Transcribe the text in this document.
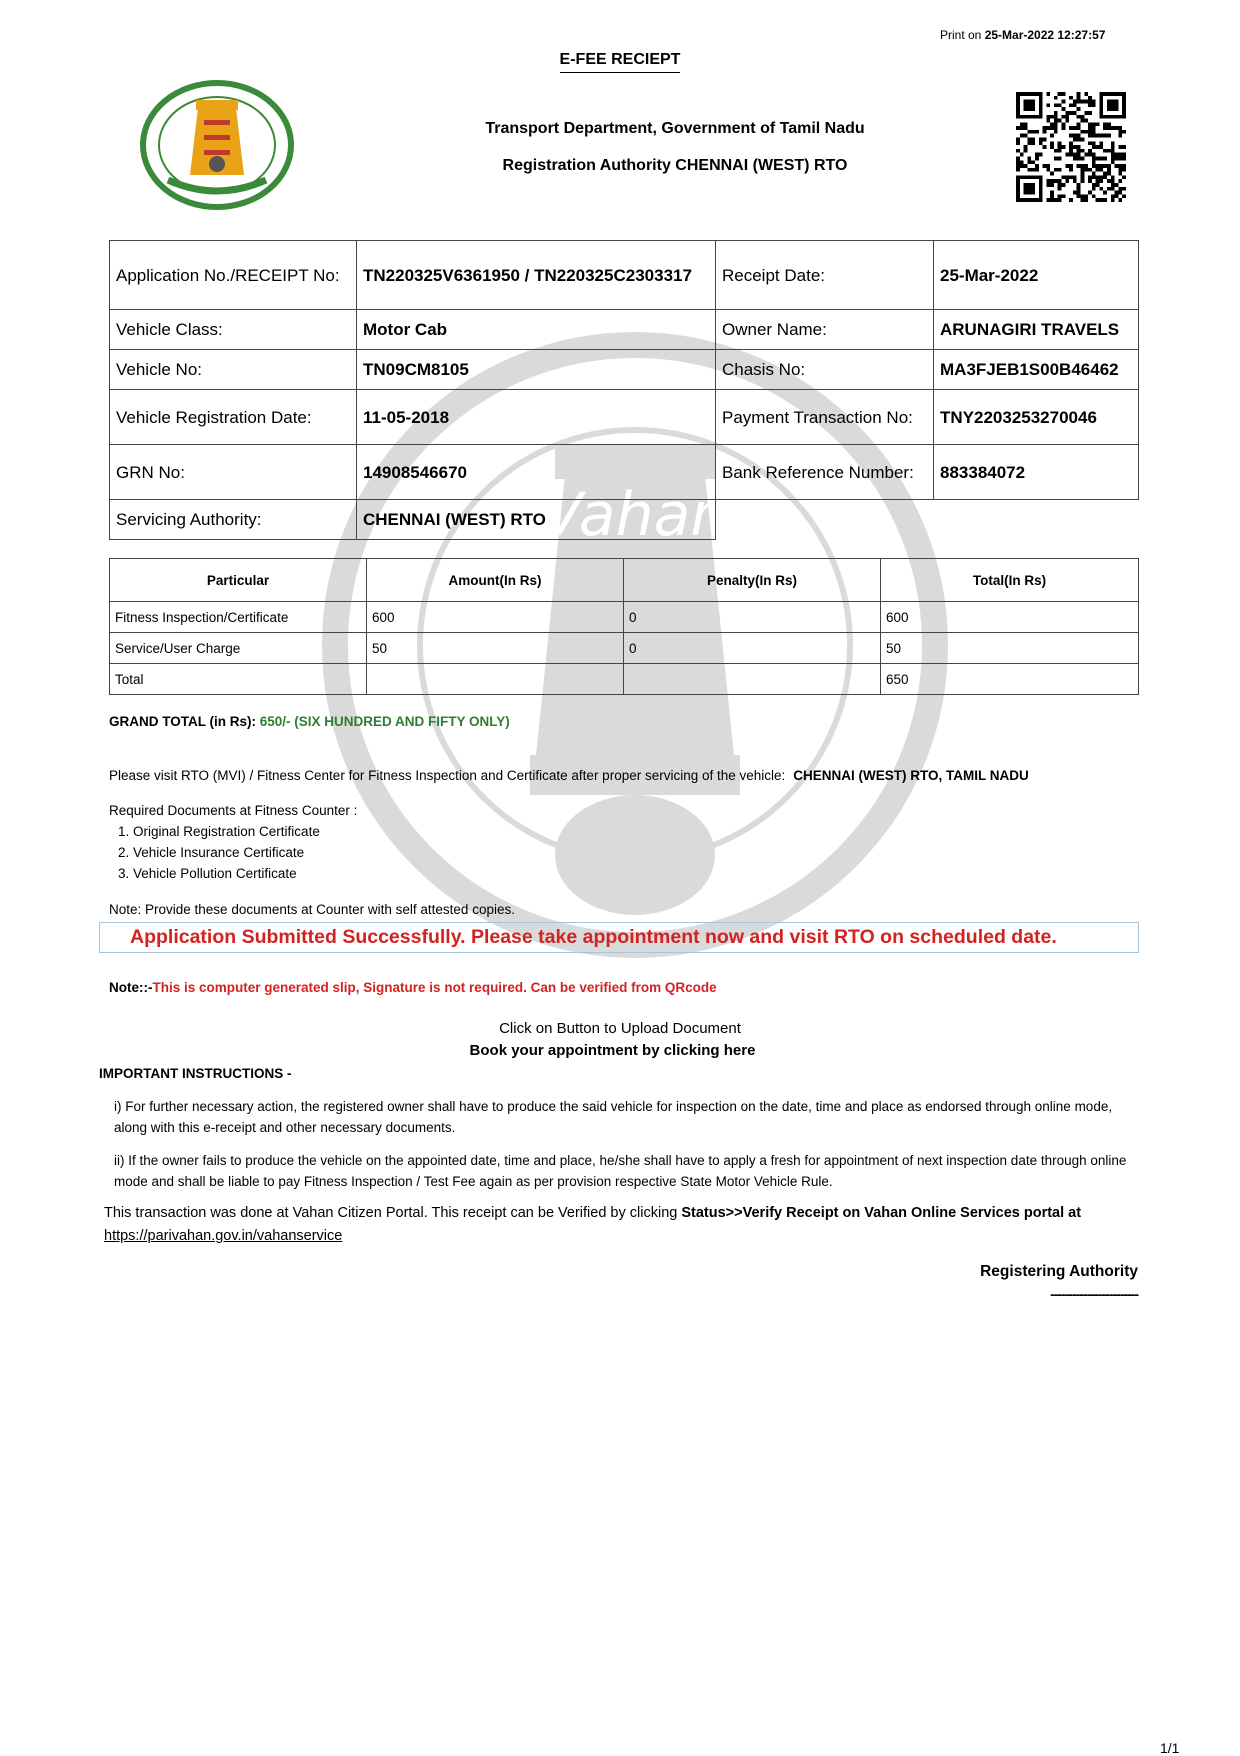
Vahan
Print on 25-Mar-2022 12:27:57
E-FEE RECIEPT
Transport Department, Government of Tamil Nadu
Registration Authority CHENNAI (WEST) RTO
Application No./RECEIPT No:	TN220325V6361950 / TN220325C2303317	Receipt Date:	25-Mar-2022
Vehicle Class:	Motor Cab	Owner Name:	ARUNAGIRI TRAVELS
Vehicle No:	TN09CM8105	Chasis No:	MA3FJEB1S00B46462
Vehicle Registration Date:	11-05-2018	Payment Transaction No:	TNY2203253270046
GRN No:	14908546670	Bank Reference Number:	883384072
Servicing Authority:	CHENNAI (WEST) RTO		
Particular	Amount(In Rs)	Penalty(In Rs)	Total(In Rs)
Fitness Inspection/Certificate	600	0	600
Service/User Charge	50	0	50
Total			650
GRAND TOTAL (in Rs): 650/- (SIX HUNDRED AND FIFTY ONLY)
Please visit RTO (MVI) / Fitness Center for Fitness Inspection and Certificate after proper servicing of the vehicle: CHENNAI (WEST) RTO, TAMIL NADU
Required Documents at Fitness Counter :
1. Original Registration Certificate
2. Vehicle Insurance Certificate
3. Vehicle Pollution Certificate
Note: Provide these documents at Counter with self attested copies.
Application Submitted Successfully. Please take appointment now and visit RTO on scheduled date.
Note::-This is computer generated slip, Signature is not required. Can be verified from QRcode
Click on Button to Upload Document
Book your appointment by clicking here
IMPORTANT INSTRUCTIONS -
i) For further necessary action, the registered owner shall have to produce the said vehicle for inspection on the date, time and place as endorsed through online mode, along with this e-receipt and other necessary documents.
ii) If the owner fails to produce the vehicle on the appointed date, time and place, he/she shall have to apply a fresh for appointment of next inspection date through online mode and shall be liable to pay Fitness Inspection / Test Fee again as per provision respective State Motor Vehicle Rule.
This transaction was done at Vahan Citizen Portal. This receipt can be Verified by clicking Status>>Verify Receipt on Vahan Online Services portal at
https://parivahan.gov.in/vahanservice
Registering Authority
------------------------
1/1
